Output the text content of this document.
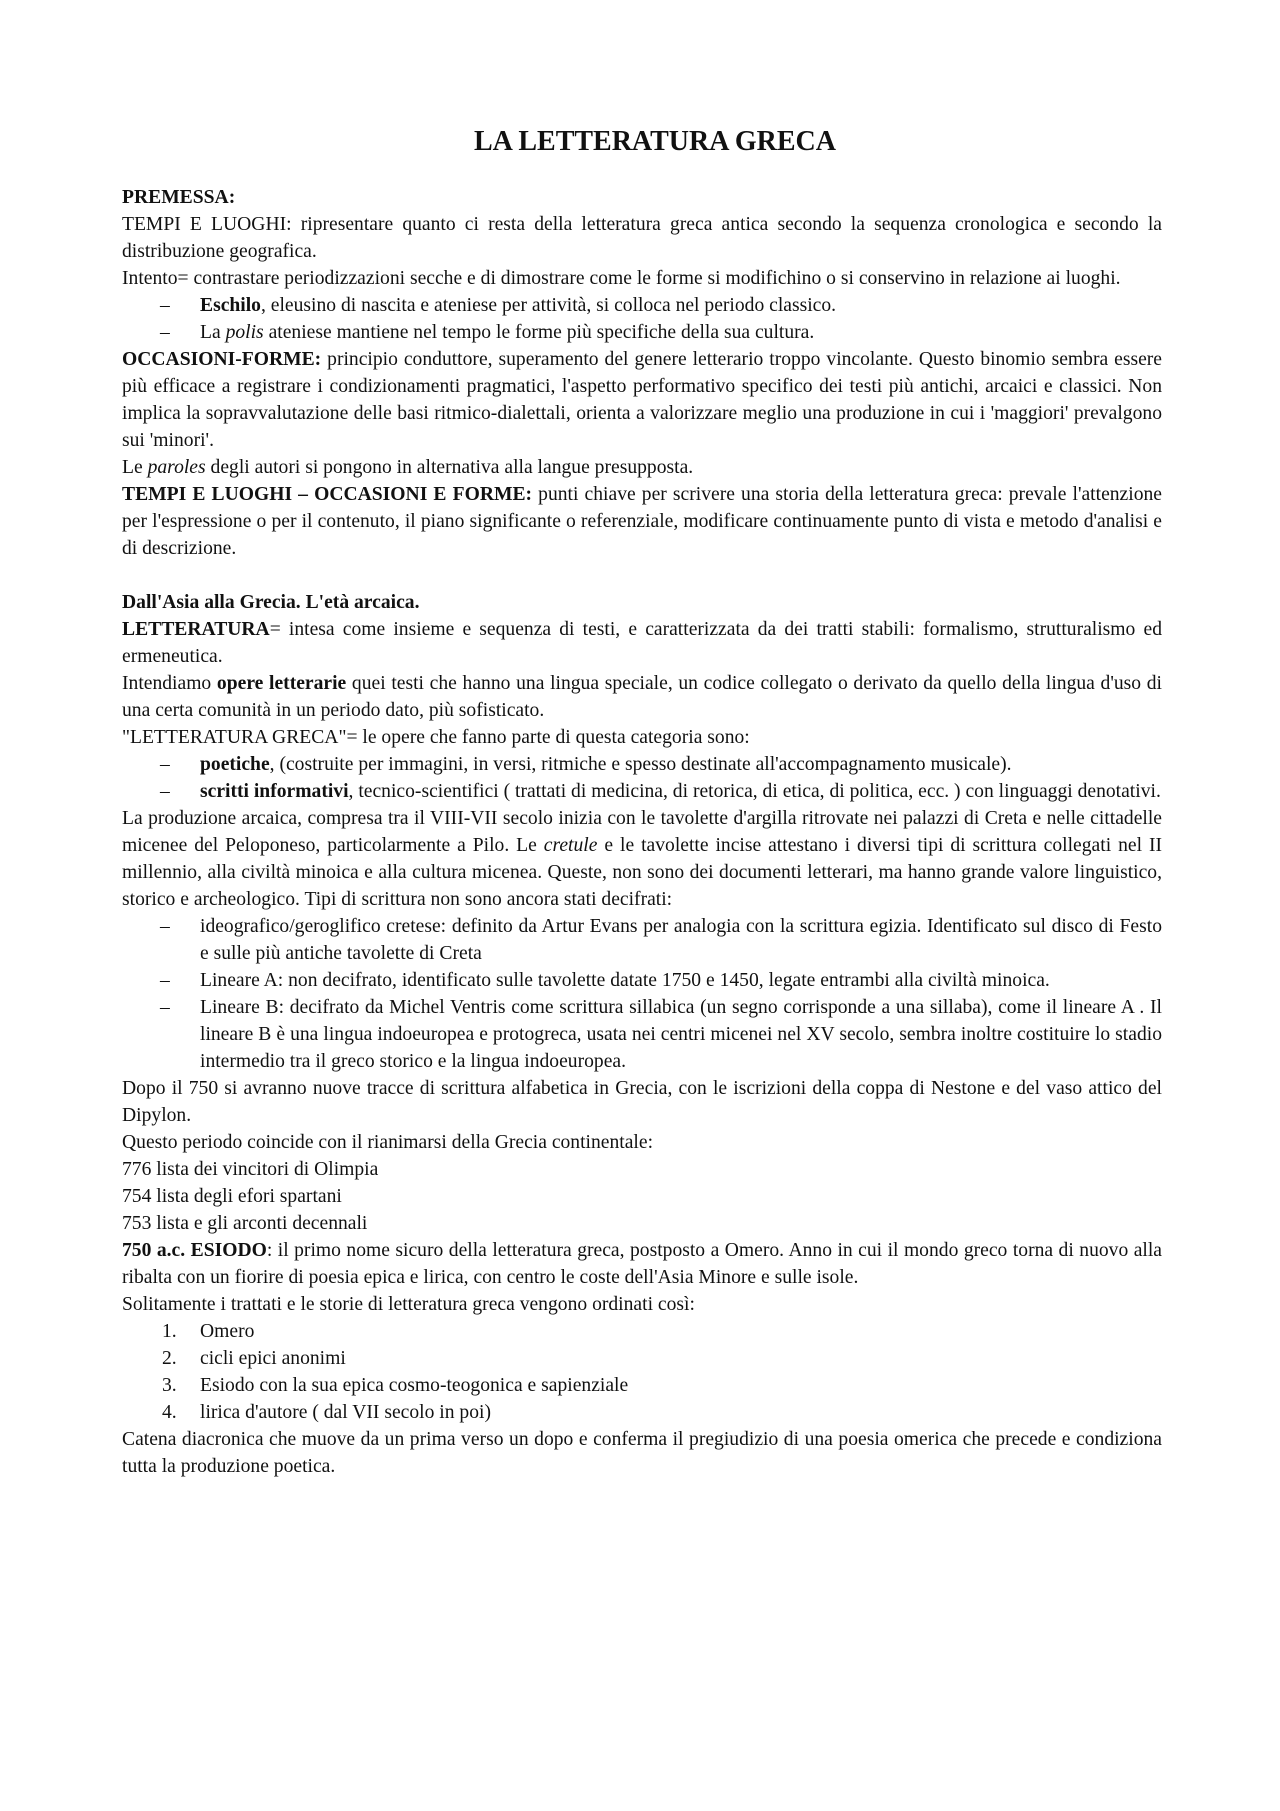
LA LETTERATURA GRECA

PREMESSA:

TEMPI E LUOGHI: ripresentare quanto ci resta della letteratura greca antica secondo la sequenza cronologica e secondo la distribuzione geografica.

Intento= contrastare periodizzazioni secche e di dimostrare come le forme si modifichino o si conservino in relazione ai luoghi.

– Eschilo, eleusino di nascita e ateniese per attività, si colloca nel periodo classico.
– La polis ateniese mantiene nel tempo le forme più specifiche della sua cultura.

OCCASIONI-FORME: principio conduttore, superamento del genere letterario troppo vincolante. Questo binomio sembra essere più efficace a registrare i condizionamenti pragmatici, l'aspetto performativo specifico dei testi più antichi, arcaici e classici. Non implica la sopravvalutazione delle basi ritmico-dialettali, orienta a valorizzare meglio una produzione in cui i 'maggiori' prevalgono sui 'minori'.

Le paroles degli autori si pongono in alternativa alla langue presupposta.

TEMPI E LUOGHI – OCCASIONI E FORME: punti chiave per scrivere una storia della letteratura greca: prevale l'attenzione per l'espressione o per il contenuto, il piano significante o referenziale, modificare continuamente punto di vista e metodo d'analisi e di descrizione.

Dall'Asia alla Grecia. L'età arcaica.

LETTERATURA= intesa come insieme e sequenza di testi, e caratterizzata da dei tratti stabili: formalismo, strutturalismo ed ermeneutica.

Intendiamo opere letterarie quei testi che hanno una lingua speciale, un codice collegato o derivato da quello della lingua d'uso di una certa comunità in un periodo dato, più sofisticato.

"LETTERATURA GRECA"= le opere che fanno parte di questa categoria sono:

– poetiche, (costruite per immagini, in versi, ritmiche e spesso destinate all'accompagnamento musicale).
– scritti informativi, tecnico-scientifici ( trattati di medicina, di retorica, di etica, di politica, ecc. ) con linguaggi denotativi.

La produzione arcaica, compresa tra il VIII-VII secolo inizia con le tavolette d'argilla ritrovate nei palazzi di Creta e nelle cittadelle micenee del Peloponeso, particolarmente a Pilo. Le cretule e le tavolette incise attestano i diversi tipi di scrittura collegati nel II millennio, alla civiltà minoica e alla cultura micenea. Queste, non sono dei documenti letterari, ma hanno grande valore linguistico, storico e archeologico. Tipi di scrittura non sono ancora stati decifrati:

– ideografico/geroglifico cretese: definito da Artur Evans per analogia con la scrittura egizia. Identificato sul disco di Festo e sulle più antiche tavolette di Creta
– Lineare A: non decifrato, identificato sulle tavolette datate 1750 e 1450, legate entrambi alla civiltà minoica.
– Lineare B: decifrato da Michel Ventris come scrittura sillabica (un segno corrisponde a una sillaba), come il lineare A . Il lineare B è una lingua indoeuropea e protogreca, usata nei centri micenei nel XV secolo, sembra inoltre costituire lo stadio intermedio tra il greco storico e la lingua indoeuropea.

Dopo il 750 si avranno nuove tracce di scrittura alfabetica in Grecia, con le iscrizioni della coppa di Nestone e del vaso attico del Dipylon.

Questo periodo coincide con il rianimarsi della Grecia continentale:

776 lista dei vincitori di Olimpia

754 lista degli efori spartani

753 lista e gli arconti decennali

750 a.c. ESIODO: il primo nome sicuro della letteratura greca, postposto a Omero. Anno in cui il mondo greco torna di nuovo alla ribalta con un fiorire di poesia epica e lirica, con centro le coste dell'Asia Minore e sulle isole.

Solitamente i trattati e le storie di letteratura greca vengono ordinati così:

1. Omero
2. cicli epici anonimi
3. Esiodo con la sua epica cosmo-teogonica e sapienziale
4. lirica d'autore ( dal VII secolo in poi)

Catena diacronica che muove da un prima verso un dopo e conferma il pregiudizio di una poesia omerica che precede e condiziona tutta la produzione poetica.
